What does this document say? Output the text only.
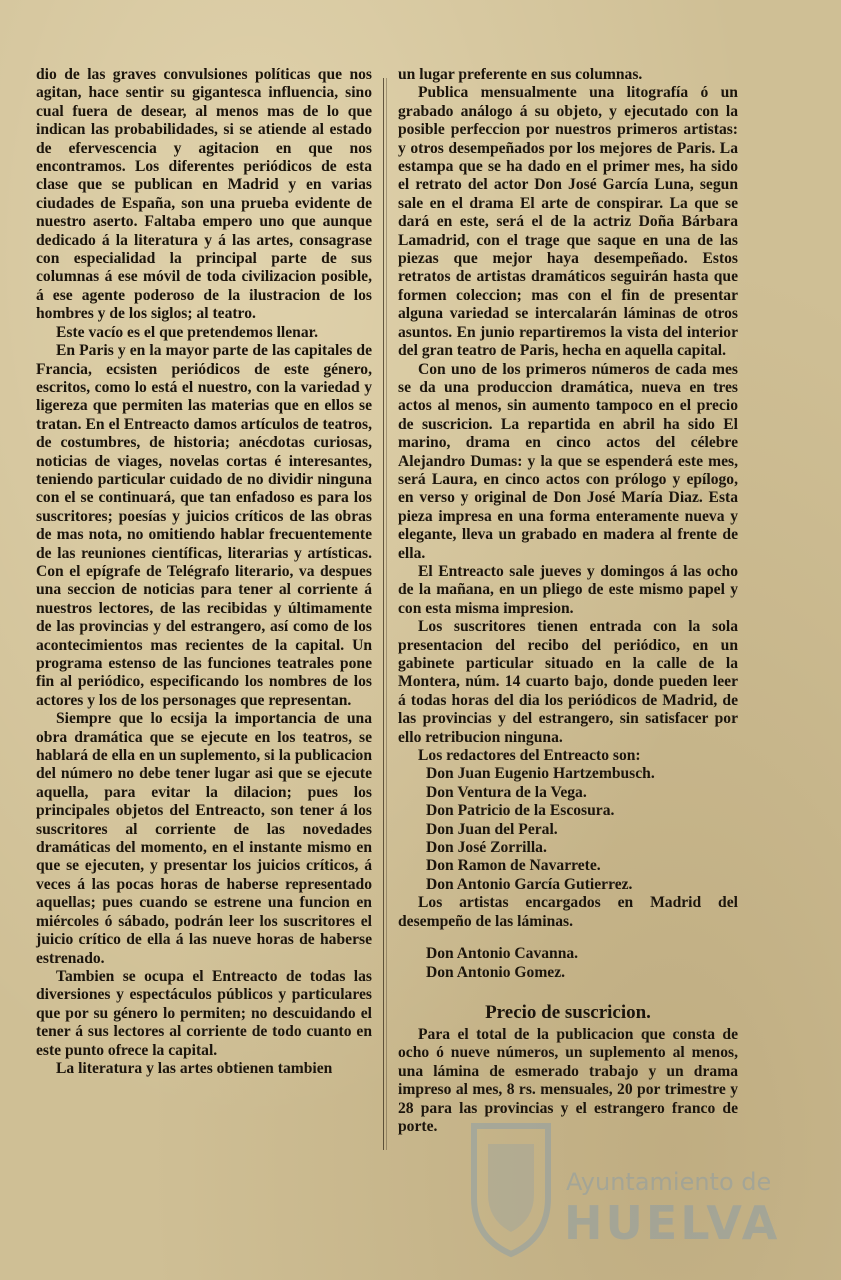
dio de las graves convulsiones políticas que nos agitan, hace sentir su gigantesca influencia, sino cual fuera de desear, al menos mas de lo que indican las probabilidades, si se atiende al estado de efervescencia y agitacion en que nos encontramos. Los diferentes periódicos de esta clase que se publican en Madrid y en varias ciudades de España, son una prueba evidente de nuestro aserto. Faltaba empero uno que aunque dedicado á la literatura y á las artes, consagrase con especialidad la principal parte de sus columnas á ese móvil de toda civilizacion posible, á ese agente poderoso de la ilustracion de los hombres y de los siglos; al teatro.

Este vacío es el que pretendemos llenar.

En Paris y en la mayor parte de las capitales de Francia, ecsisten periódicos de este género, escritos, como lo está el nuestro, con la variedad y ligereza que permiten las materias que en ellos se tratan. En el Entreacto damos artículos de teatros, de costumbres, de historia; anécdotas curiosas, noticias de viages, novelas cortas é interesantes, teniendo particular cuidado de no dividir ninguna con el se continuará, que tan enfadoso es para los suscritores; poesías y juicios críticos de las obras de mas nota, no omitiendo hablar frecuentemente de las reuniones científicas, literarias y artísticas. Con el epígrafe de Telégrafo literario, va despues una seccion de noticias para tener al corriente á nuestros lectores, de las recibidas y últimamente de las provincias y del estrangero, así como de los acontecimientos mas recientes de la capital. Un programa estenso de las funciones teatrales pone fin al periódico, especificando los nombres de los actores y los de los personages que representan.

Siempre que lo ecsija la importancia de una obra dramática que se ejecute en los teatros, se hablará de ella en un suplemento, si la publicacion del número no debe tener lugar asi que se ejecute aquella, para evitar la dilacion; pues los principales objetos del Entreacto, son tener á los suscritores al corriente de las novedades dramáticas del momento, en el instante mismo en que se ejecuten, y presentar los juicios críticos, á veces á las pocas horas de haberse representado aquellas; pues cuando se estrene una funcion en miércoles ó sábado, podrán leer los suscritores el juicio crítico de ella á las nueve horas de haberse estrenado.

Tambien se ocupa el Entreacto de todas las diversiones y espectáculos públicos y particulares que por su género lo permiten; no descuidando el tener á sus lectores al corriente de todo cuanto en este punto ofrece la capital.

La literatura y las artes obtienen tambien

un lugar preferente en sus columnas.

Publica mensualmente una litografía ó un grabado análogo á su objeto, y ejecutado con la posible perfeccion por nuestros primeros artistas: y otros desempeñados por los mejores de Paris. La estampa que se ha dado en el primer mes, ha sido el retrato del actor Don José García Luna, segun sale en el drama El arte de conspirar. La que se dará en este, será el de la actriz Doña Bárbara Lamadrid, con el trage que saque en una de las piezas que mejor haya desempeñado. Estos retratos de artistas dramáticos seguirán hasta que formen coleccion; mas con el fin de presentar alguna variedad se intercalarán láminas de otros asuntos. En junio repartiremos la vista del interior del gran teatro de Paris, hecha en aquella capital.

Con uno de los primeros números de cada mes se da una produccion dramática, nueva en tres actos al menos, sin aumento tampoco en el precio de suscricion. La repartida en abril ha sido El marino, drama en cinco actos del célebre Alejandro Dumas: y la que se espenderá este mes, será Laura, en cinco actos con prólogo y epílogo, en verso y original de Don José María Diaz. Esta pieza impresa en una forma enteramente nueva y elegante, lleva un grabado en madera al frente de ella.

El Entreacto sale jueves y domingos á las ocho de la mañana, en un pliego de este mismo papel y con esta misma impresion.

Los suscritores tienen entrada con la sola presentacion del recibo del periódico, en un gabinete particular situado en la calle de la Montera, núm. 14 cuarto bajo, donde pueden leer á todas horas del dia los periódicos de Madrid, de las provincias y del estrangero, sin satisfacer por ello retribucion ninguna.

Los redactores del Entreacto son:

Don Juan Eugenio Hartzembusch.
Don Ventura de la Vega.
Don Patricio de la Escosura.
Don Juan del Peral.
Don José Zorrilla.
Don Ramon de Navarrete.
Don Antonio García Gutierrez.

Los artistas encargados en Madrid del desempeño de las láminas.

Don Antonio Cavanna.
Don Antonio Gomez.
Precio de suscricion.

Para el total de la publicacion que consta de ocho ó nueve números, un suplemento al menos, una lámina de esmerado trabajo y un drama impreso al mes, 8 rs. mensuales, 20 por trimestre y 28 para las provincias y el estrangero franco de porte.

Ayuntamiento de
HUELVA
